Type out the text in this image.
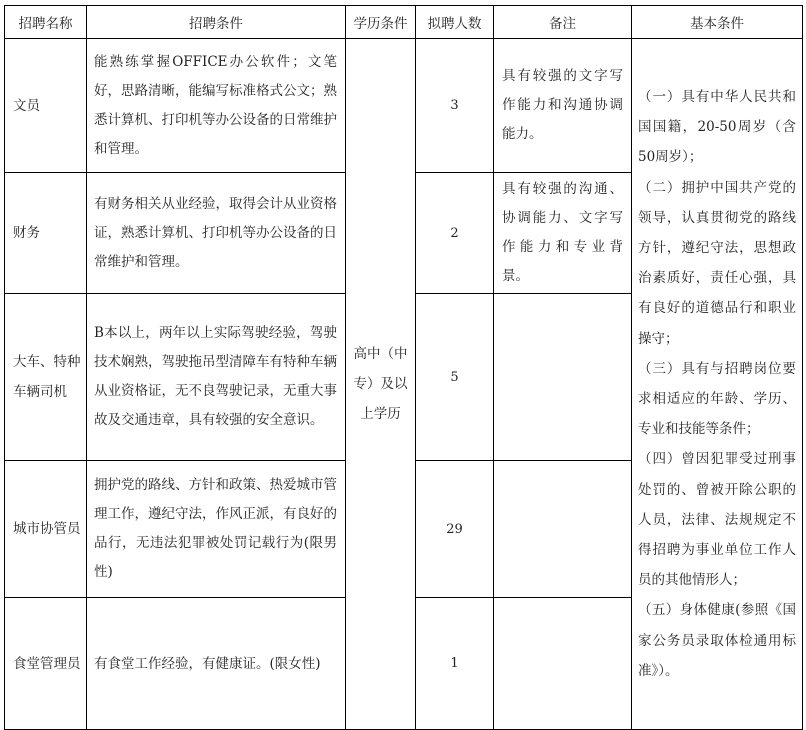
招聘名称	招聘条件	学历条件	拟聘人数	备注	基本条件
文员	能熟练掌握OFFICE办公软件；文笔好，思路清晰，能编写标准格式公文；熟悉计算机、打印机等办公设备的日常维护和管理。	高中（中专）及以上学历	3	具有较强的文字写作能力和沟通协调能力。	（一）具有中华人民共和国国籍，20-50周岁（含50周岁）；
（二）拥护中国共产党的领导，认真贯彻党的路线方针，遵纪守法，思想政治素质好，责任心强，具有良好的道德品行和职业操守；
（三）具有与招聘岗位要求相适应的年龄、学历、专业和技能等条件；
（四）曾因犯罪受过刑事处罚的、曾被开除公职的人员，法律、法规规定不得招聘为事业单位工作人员的其他情形人；
（五）身体健康(参照《国家公务员录取体检通用标准》）。

财务	有财务相关从业经验，取得会计从业资格证，熟悉计算机、打印机等办公设备的日常维护和管理。		2	具有较强的沟通、协调能力、文字写作能力和专业背景。	
大车、特种车辆司机	B本以上，两年以上实际驾驶经验，驾驶技术娴熟，驾驶拖吊型清障车有特种车辆从业资格证，无不良驾驶记录，无重大事故及交通违章，具有较强的安全意识。		5		
城市协管员	拥护党的路线、方针和政策、热爱城市管理工作，遵纪守法，作风正派，有良好的品行，无违法犯罪被处罚记载行为(限男性)		29		
食堂管理员	有食堂工作经验，有健康证。(限女性)		1		
